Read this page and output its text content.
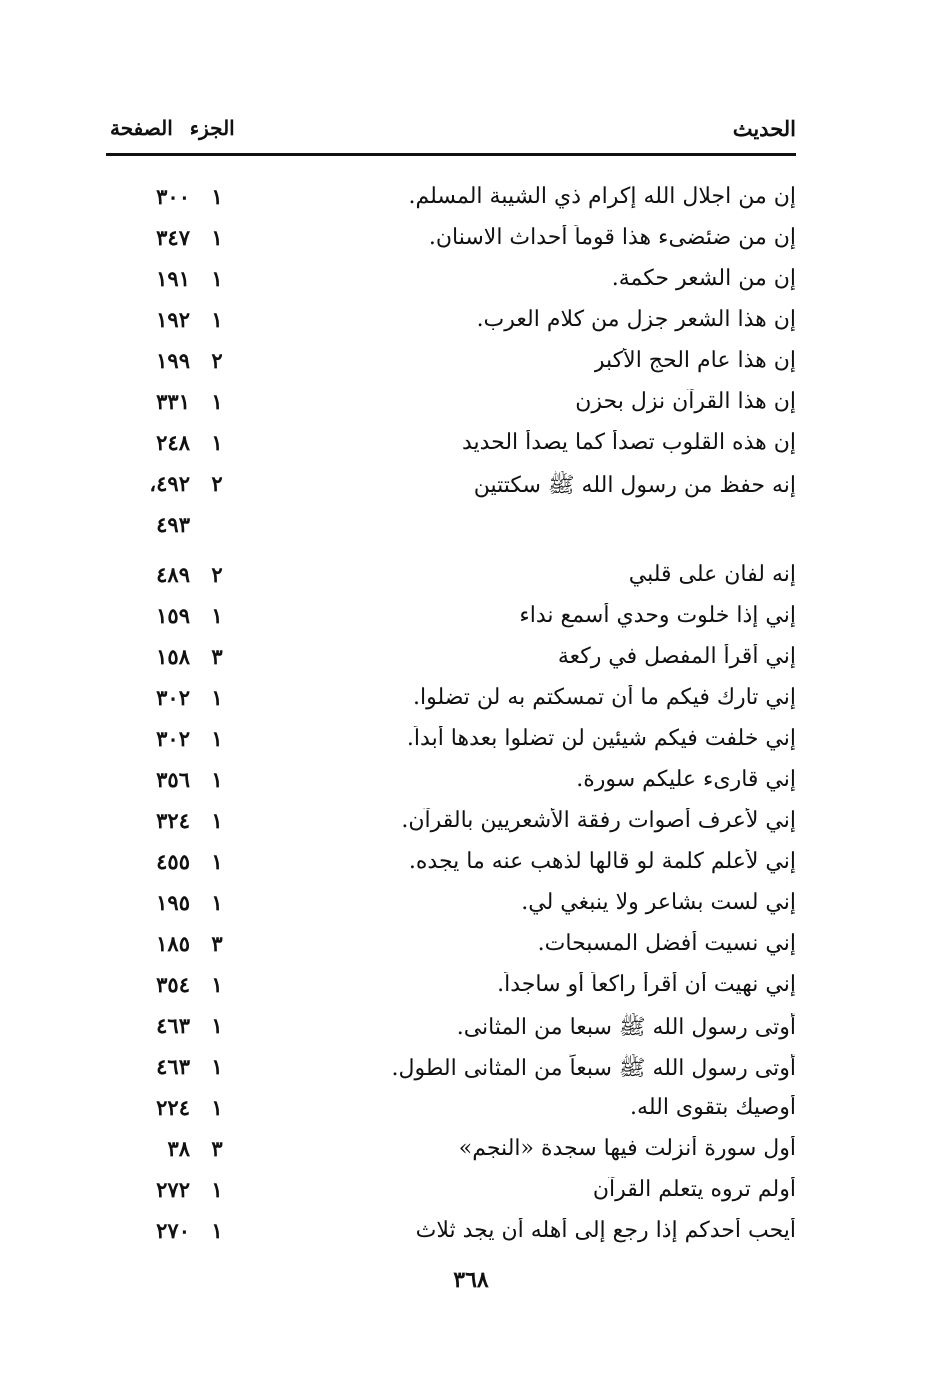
الحديث
الجزء الصفحة
إن من اجلال الله إكرام ذي الشيبة المسلم.
١
٣٠٠
إن من ضئضىء هذا قوماً أحداث الاسنان.
١
٣٤٧
إن من الشعر حكمة.
١
١٩١
إن هذا الشعر جزل من كلام العرب.
١
١٩٢
إن هذا عام الحج الأكبر
٢
١٩٩
إن هذا القرآن نزل بحزن
١
٣٣١
إن هذه القلوب تصدأ كما يصدأ الحديد
١
٢٤٨
إنه حفظ من رسول الله ﷺ سكتتين
٢
٤٩٢،
٤٩٣
إنه لفان على قلبي
٢
٤٨٩
إني إذا خلوت وحدي أسمع نداء
١
١٥٩
إني أقرأ المفصل في ركعة
٣
١٥٨
إني تارك فيكم ما أن تمسكتم به لن تضلوا.
١
٣٠٢
إني خلفت فيكم شيئين لن تضلوا بعدها أبداً.
١
٣٠٢
إني قارىء عليكم سورة.
١
٣٥٦
إني لأعرف أصوات رفقة الأشعريين بالقرآن.
١
٣٢٤
إني لأعلم كلمة لو قالها لذهب عنه ما يجده.
١
٤٥٥
إني لست بشاعر ولا ينبغي لي.
١
١٩٥
إني نسيت أفضل المسبحات.
٣
١٨٥
إني نهيت أن أقرأ راكعاً أو ساجداً.
١
٣٥٤
أوتى رسول الله ﷺ سبعا من المثانى.
١
٤٦٣
أوتى رسول الله ﷺ سبعاً من المثانى الطول.
١
٤٦٣
أوصيك بتقوى الله.
١
٢٢٤
أول سورة أنزلت فيها سجدة «النجم»
٣
٣٨
أولم تروه يتعلم القرآن
١
٢٧٢
أيحب أحدكم إذا رجع إلى أهله أن يجد ثلاث
١
٢٧٠
٣٦٨
